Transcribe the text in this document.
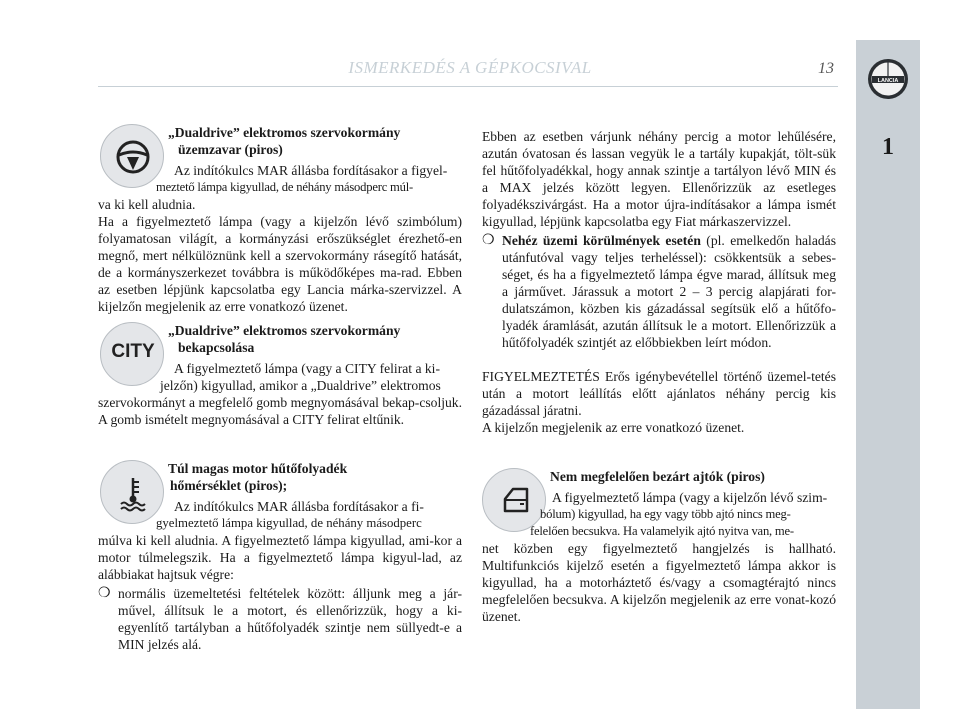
ISMERKEDÉS A GÉPKOCSIVAL	13
LANCIA
1
„Dualdrive” elektromos szervokormány
üzemzavar (piros)
Az indítókulcs MAR állásba fordításakor a figyel-
meztető lámpa kigyullad, de néhány másodperc múl-

va ki kell aludnia.

Ha a figyelmeztető lámpa (vagy a kijelzőn lévő szimbólum) folyamatosan világít, a kormányzási erőszükséglet érezhető-en megnő, mert nélkülöznünk kell a szervokormány rásegítő hatását, de a kormányszerkezet továbbra is működőképes ma-rad. Ebben az esetben lépjünk kapcsolatba egy Lancia márka-szervizzel. A kijelzőn megjelenik az erre vonatkozó üzenet.

CITY
„Dualdrive” elektromos szervokormány
bekapcsolása
A figyelmeztető lámpa (vagy a CITY felirat a ki-
jelzőn) kigyullad, amikor a „Dualdrive” elektromos

szervokormányt a megfelelő gomb megnyomásával bekap-csoljuk. A gomb ismételt megnyomásával a CITY felirat eltűnik.

Túl magas motor hűtőfolyadék
hőmérséklet (piros);
Az indítókulcs MAR állásba fordításakor a fi-
gyelmeztető lámpa kigyullad, de néhány másodperc

múlva ki kell aludnia. A figyelmeztető lámpa kigyullad, ami-kor a motor túlmelegszik. Ha a figyelmeztető lámpa kigyul-lad, az alábbiakat hajtsuk végre:

❍ normális üzemeltetési feltételek között: álljunk meg a jár-művel, állítsuk le a motort, és ellenőrizzük, hogy a ki-egyenlítő tartályban a hűtőfolyadék szintje nem süllyedt-e a MIN jelzés alá.

Ebben az esetben várjunk néhány percig a motor lehűlésére, azután óvatosan és lassan vegyük le a tartály kupakját, tölt-sük fel hűtőfolyadékkal, hogy annak szintje a tartályon lévő MIN és a MAX jelzés között legyen. Ellenőrizzük az esetleges folyadékszivárgást. Ha a motor újra-indításakor a lámpa ismét kigyullad, lépjünk kapcsolatba egy Fiat márkaszervizzel.

❍ Nehéz üzemi körülmények esetén (pl. emelkedőn haladás utánfutóval vagy teljes terheléssel): csökkentsük a sebes-séget, és ha a figyelmeztető lámpa égve marad, állítsuk meg a járművet. Járassuk a motort 2 – 3 percig alapjárati for-dulatszámon, közben kis gázadással segítsük elő a hűtőfo-lyadék áramlását, azután állítsuk le a motort. Ellenőrizzük a hűtőfolyadék szintjét az előbbiekben leírt módon.

FIGYELMEZTETÉS Erős igénybevétellel történő üzemel-tetés után a motort leállítás előtt ajánlatos néhány percig kis gázadással járatni.

A kijelzőn megjelenik az erre vonatkozó üzenet.

Nem megfelelően bezárt ajtók (piros)
A figyelmeztető lámpa (vagy a kijelzőn lévő szim-
bólum) kigyullad, ha egy vagy több ajtó nincs meg-
felelően becsukva. Ha valamelyik ajtó nyitva van, me-

net közben egy figyelmeztető hangjelzés is hallható. Multifunkciós kijelző esetén a figyelmeztető lámpa akkor is kigyullad, ha a motorháztető és/vagy a csomagtérajtó nincs megfelelően becsukva. A kijelzőn megjelenik az erre vonat-kozó üzenet.
